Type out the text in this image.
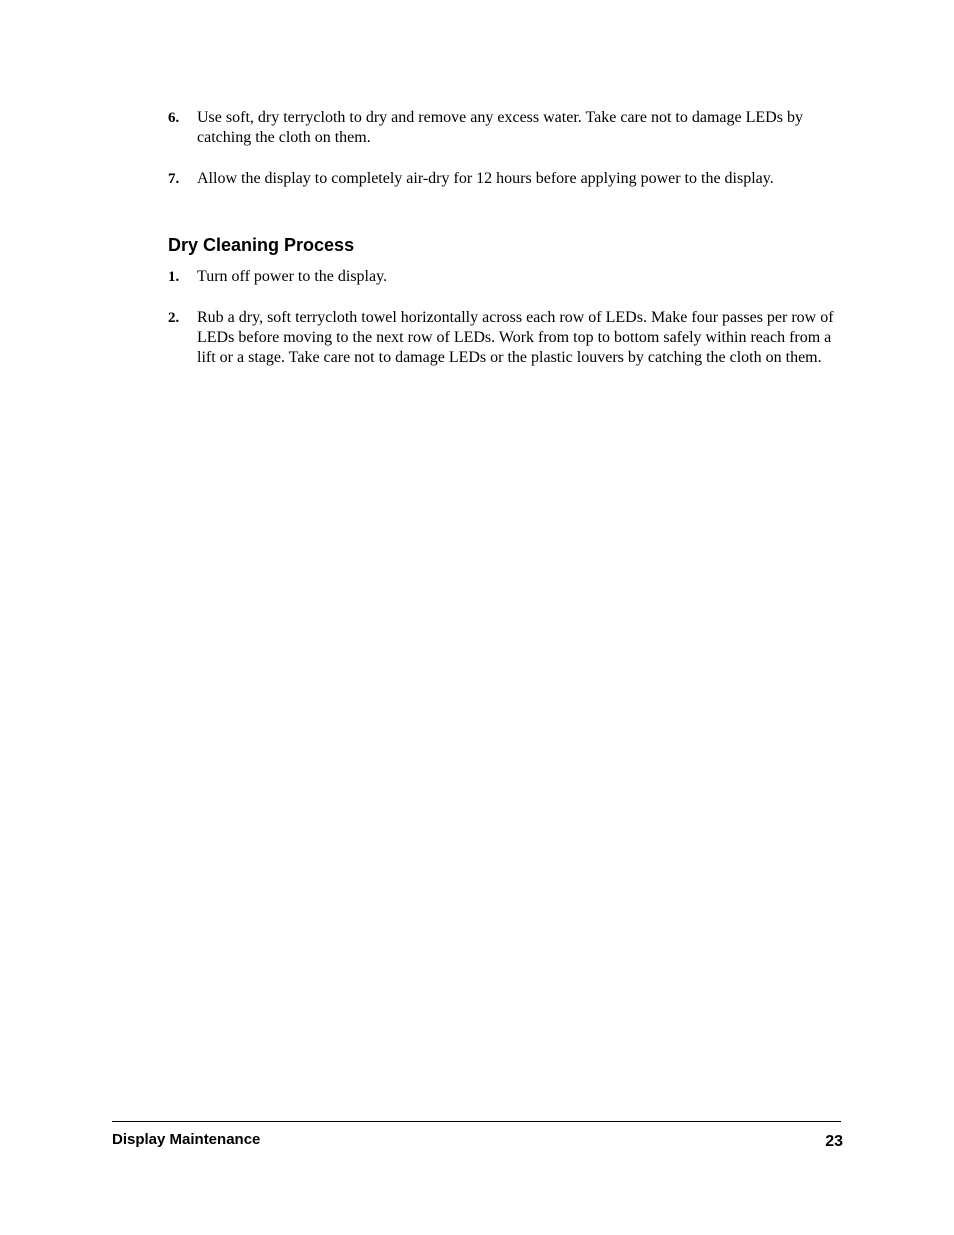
6. Use soft, dry terrycloth to dry and remove any excess water. Take care not to damage LEDs by catching the cloth on them.
7. Allow the display to completely air-dry for 12 hours before applying power to the display.
Dry Cleaning Process
1. Turn off power to the display.
2. Rub a dry, soft terrycloth towel horizontally across each row of LEDs. Make four passes per row of LEDs before moving to the next row of LEDs. Work from top to bottom safely within reach from a lift or a stage. Take care not to damage LEDs or the plastic louvers by catching the cloth on them.
Display Maintenance	23
